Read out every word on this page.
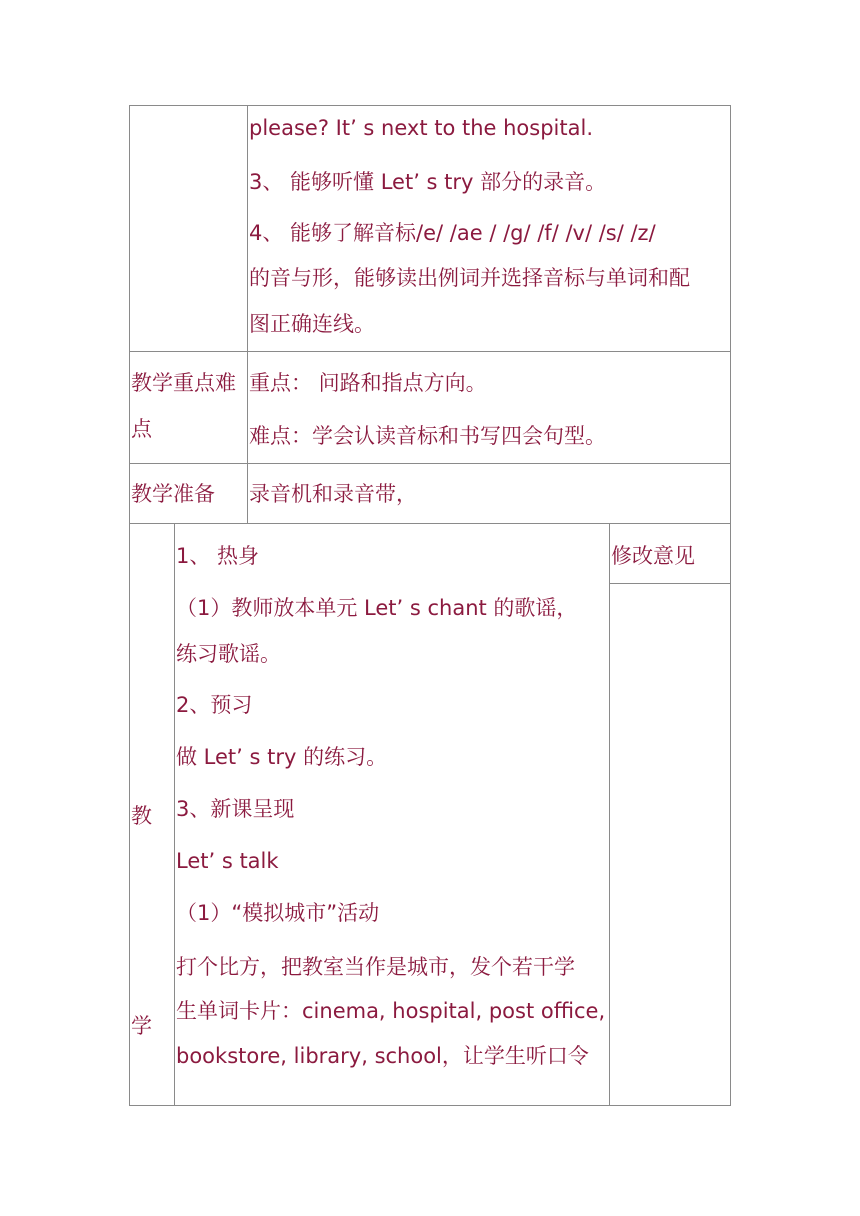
please? It’ s next to the hospital.
3、 能够听懂 Let’ s try 部分的录音。
4、 能够了解音标/e/ /ae / /g/ /f/ /v/ /s/ /z/
的音与形，能够读出例词并选择音标与单词和配
图正确连线。
教学重点难
点
重点： 问路和指点方向。
难点：学会认读音标和书写四会句型。
教学准备 录音机和录音带，
教
学
修改意见
1、 热身
（1）教师放本单元 Let’ s chant 的歌谣，
练习歌谣。
2、预习
做 Let’ s try 的练习。
3、新课呈现
Let’ s talk
（1）“模拟城市”活动
打个比方，把教室当作是城市，发个若干学
生单词卡片：cinema, hospital, post office,
bookstore, library, school，让学生听口令
